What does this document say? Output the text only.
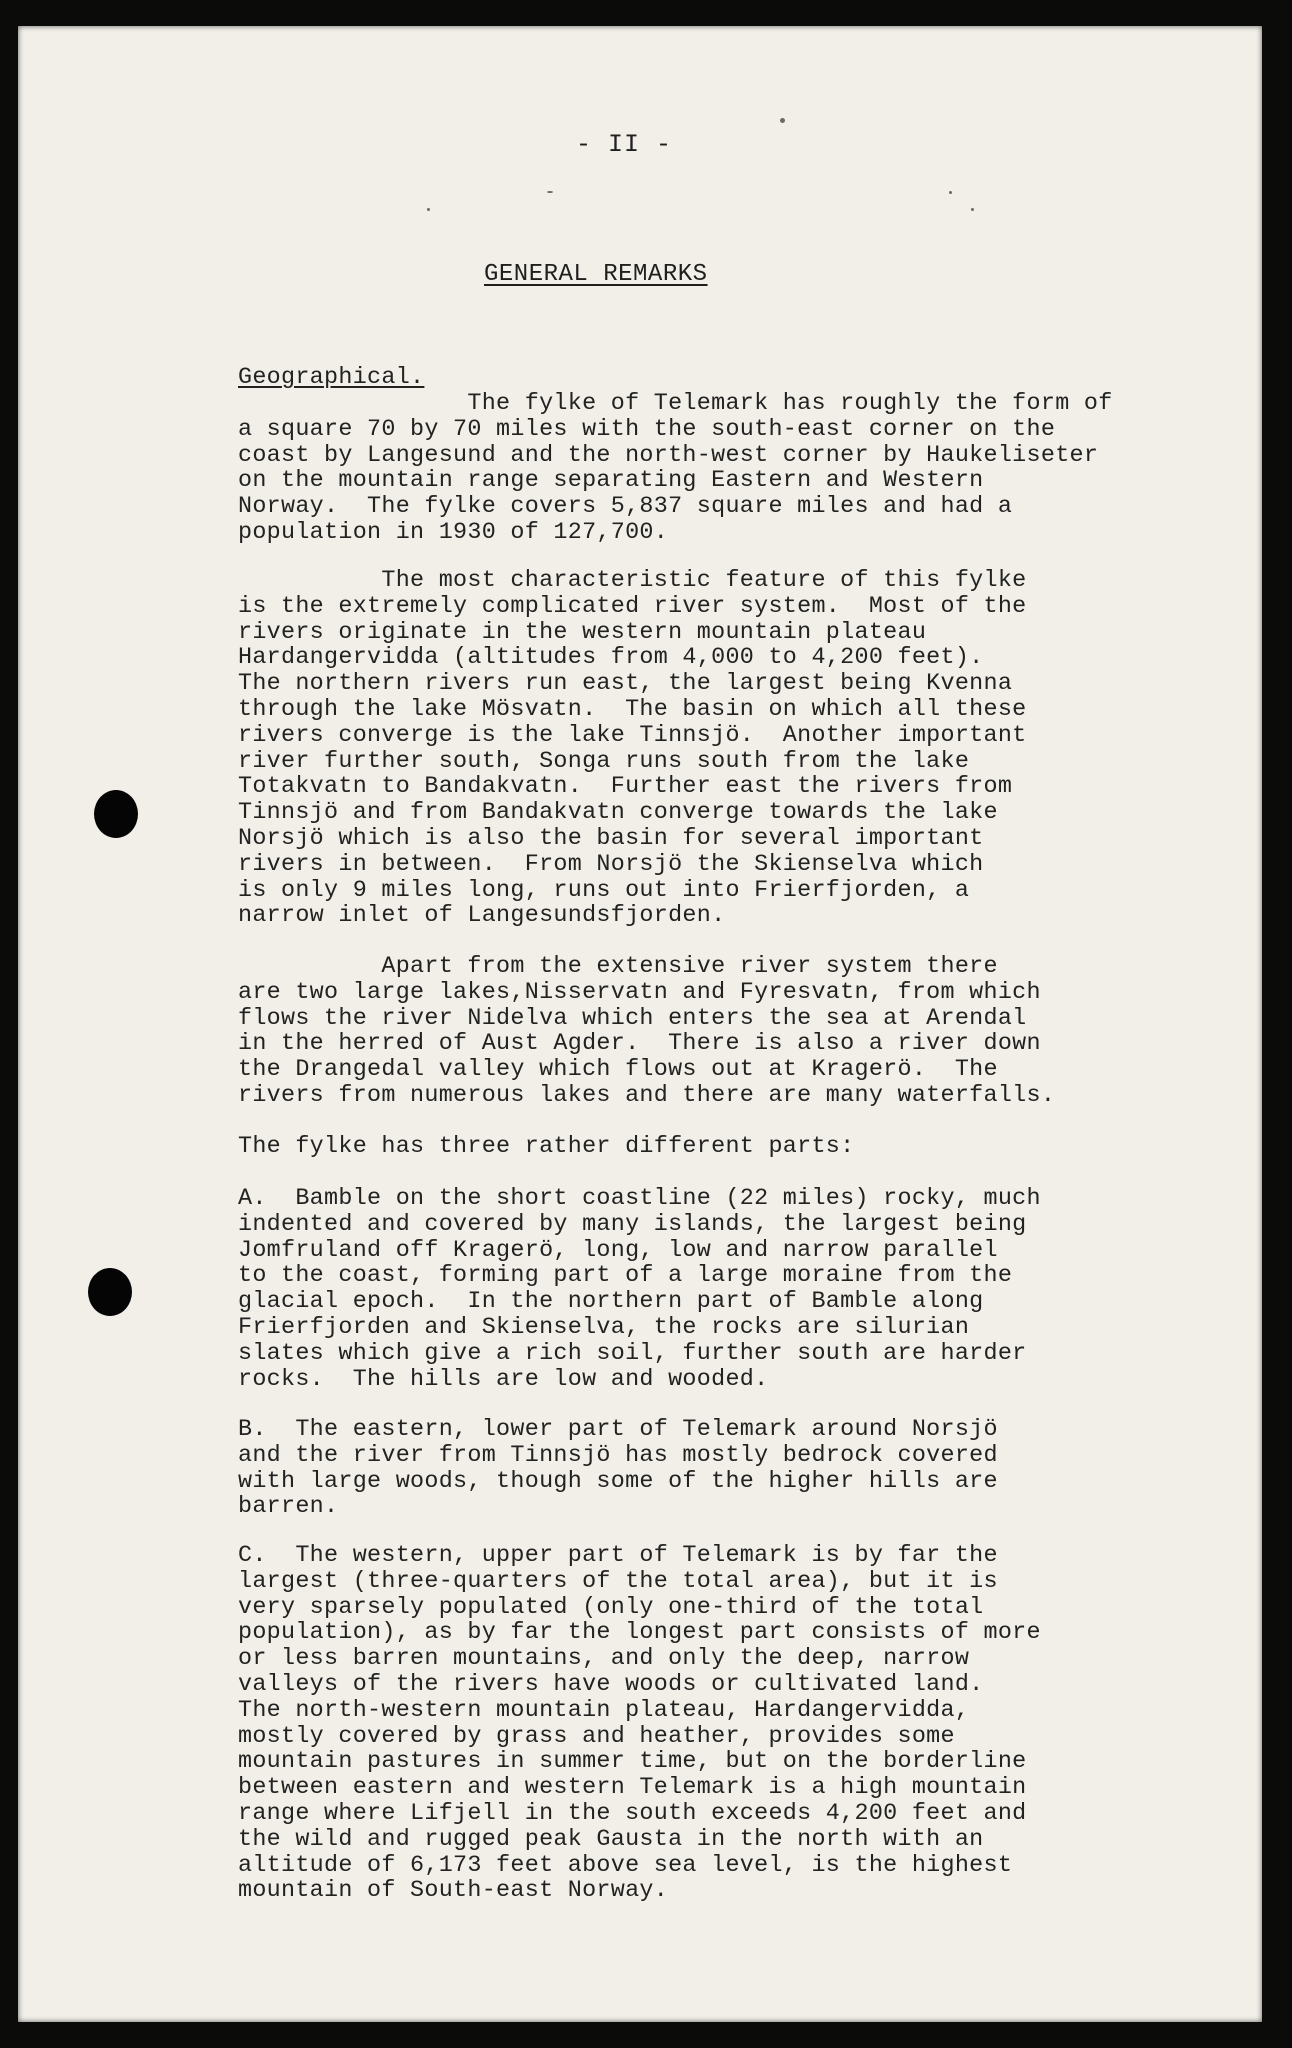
- II -
GENERAL REMARKS
Geographical.
The fylke of Telemark has roughly the form of
a square 70 by 70 miles with the south-east corner on the
coast by Langesund and the north-west corner by Haukeliseter
on the mountain range separating Eastern and Western
Norway.  The fylke covers 5,837 square miles and had a
population in 1930 of 127,700.
The most characteristic feature of this fylke
is the extremely complicated river system.  Most of the
rivers originate in the western mountain plateau
Hardangervidda (altitudes from 4,000 to 4,200 feet).
The northern rivers run east, the largest being Kvenna
through the lake Mösvatn.  The basin on which all these
rivers converge is the lake Tinnsjö.  Another important
river further south, Songa runs south from the lake
Totakvatn to Bandakvatn.  Further east the rivers from
Tinnsjö and from Bandakvatn converge towards the lake
Norsjö which is also the basin for several important
rivers in between.  From Norsjö the Skienselva which
is only 9 miles long, runs out into Frierfjorden, a
narrow inlet of Langesundsfjorden.
Apart from the extensive river system there
are two large lakes,Nisservatn and Fyresvatn, from which
flows the river Nidelva which enters the sea at Arendal
in the herred of Aust Agder.  There is also a river down
the Drangedal valley which flows out at Kragerö.  The
rivers from numerous lakes and there are many waterfalls.
The fylke has three rather different parts:
A.  Bamble on the short coastline (22 miles) rocky, much
indented and covered by many islands, the largest being
Jomfruland off Kragerö, long, low and narrow parallel
to the coast, forming part of a large moraine from the
glacial epoch.  In the northern part of Bamble along
Frierfjorden and Skienselva, the rocks are silurian
slates which give a rich soil, further south are harder
rocks.  The hills are low and wooded.
B.  The eastern, lower part of Telemark around Norsjö
and the river from Tinnsjö has mostly bedrock covered
with large woods, though some of the higher hills are
barren.
C.  The western, upper part of Telemark is by far the
largest (three-quarters of the total area), but it is
very sparsely populated (only one-third of the total
population), as by far the longest part consists of more
or less barren mountains, and only the deep, narrow
valleys of the rivers have woods or cultivated land.
The north-western mountain plateau, Hardangervidda,
mostly covered by grass and heather, provides some
mountain pastures in summer time, but on the borderline
between eastern and western Telemark is a high mountain
range where Lifjell in the south exceeds 4,200 feet and
the wild and rugged peak Gausta in the north with an
altitude of 6,173 feet above sea level, is the highest
mountain of South-east Norway.
